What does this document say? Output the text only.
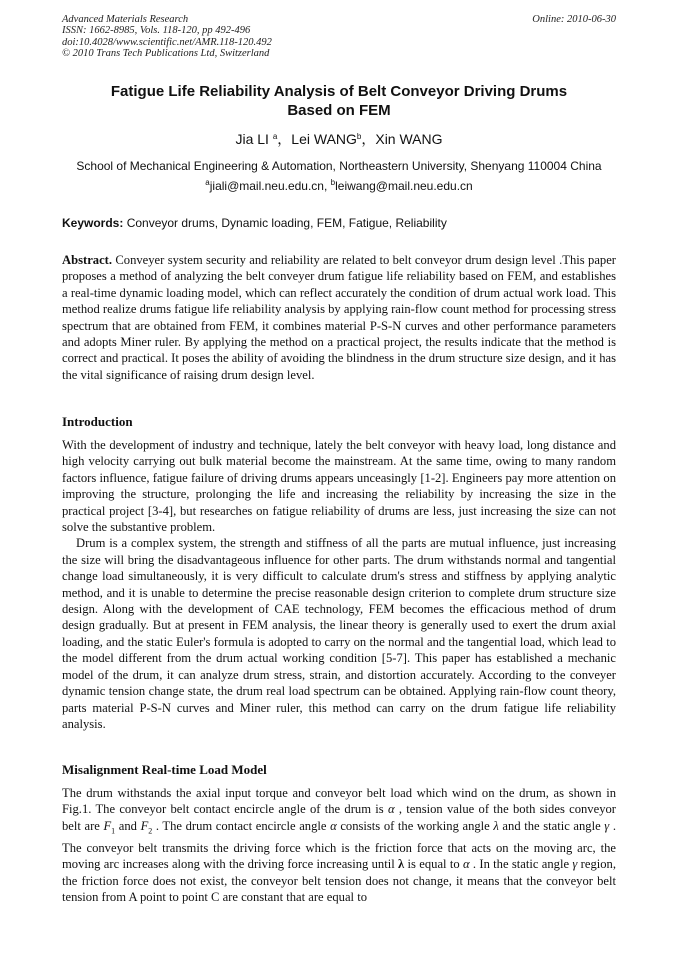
Advanced Materials Research
ISSN: 1662-8985, Vols. 118-120, pp 492-496
doi:10.4028/www.scientific.net/AMR.118-120.492
© 2010 Trans Tech Publications Ltd, Switzerland
Online: 2010-06-30
Fatigue Life Reliability Analysis of Belt Conveyor Driving Drums
Based on FEM
Jia LI $^a$，Lei WANG$^b$，Xin WANG
School of Mechanical Engineering & Automation, Northeastern University, Shenyang 110004 China
$^a$jiali@mail.neu.edu.cn, $^b$leiwang@mail.neu.edu.cn
Keywords: Conveyor drums, Dynamic loading, FEM, Fatigue, Reliability
Abstract. Conveyer system security and reliability are related to belt conveyor drum design level .This paper proposes a method of analyzing the belt conveyer drum fatigue life reliability based on FEM, and establishes a real-time dynamic loading model, which can reflect accurately the condition of drum actual work load. This method realize drums fatigue life reliability analysis by applying rain-flow count method for processing stress spectrum that are obtained from FEM, it combines material P-S-N curves and other performance parameters and adopts Miner ruler. By applying the method on a practical project, the results indicate that the method is correct and practical. It poses the ability of avoiding the blindness in the drum structure size design, and it has the vital significance of raising drum design level.
Introduction

With the development of industry and technique, lately the belt conveyor with heavy load, long distance and high velocity carrying out bulk material become the mainstream. At the same time, owing to many random factors influence, fatigue failure of driving drums appears unceasingly [1-2]. Engineers pay more attention on improving the structure, prolonging the life and increasing the reliability by increasing the size in the practical project [3-4], but researches on fatigue reliability of drums are less, just increasing the size can not solve the substantive problem.

Drum is a complex system, the strength and stiffness of all the parts are mutual influence, just increasing the size will bring the disadvantageous influence for other parts. The drum withstands normal and tangential change load simultaneously, it is very difficult to calculate drum's stress and stiffness by applying analytic method, and it is unable to determine the precise reasonable design criterion to complete drum structure size design. Along with the development of CAE technology, FEM becomes the efficacious method of drum design gradually. But at present in FEM analysis, the linear theory is generally used to exert the drum axial loading, and the static Euler's formula is adopted to carry on the normal and the tangential load, which lead to the model different from the drum actual working condition [5-7]. This paper has established a mechanic model of the drum, it can analyze drum stress, strain, and distortion accurately. According to the conveyer dynamic tension change state, the drum real load spectrum can be obtained. Applying rain-flow count theory, parts material P-S-N curves and Miner ruler, this method can carry on the drum fatigue life reliability analysis.

Misalignment Real-time Load Model

The drum withstands the axial input torque and conveyor belt load which wind on the drum, as shown in Fig.1. The conveyor belt contact encircle angle of the drum is α , tension value of the both sides conveyor belt are $F_1$ and $F_2$ . The drum contact encircle angle α consists of the working angle λ and the static angle γ . The conveyor belt transmits the driving force which is the friction force that acts on the moving arc, the moving arc increases along with the driving force increasing until λ is equal to α . In the static angle γ region, the friction force does not exist, the conveyor belt tension does not change, it means that the conveyor belt tension from A point to point C are constant that are equal to
